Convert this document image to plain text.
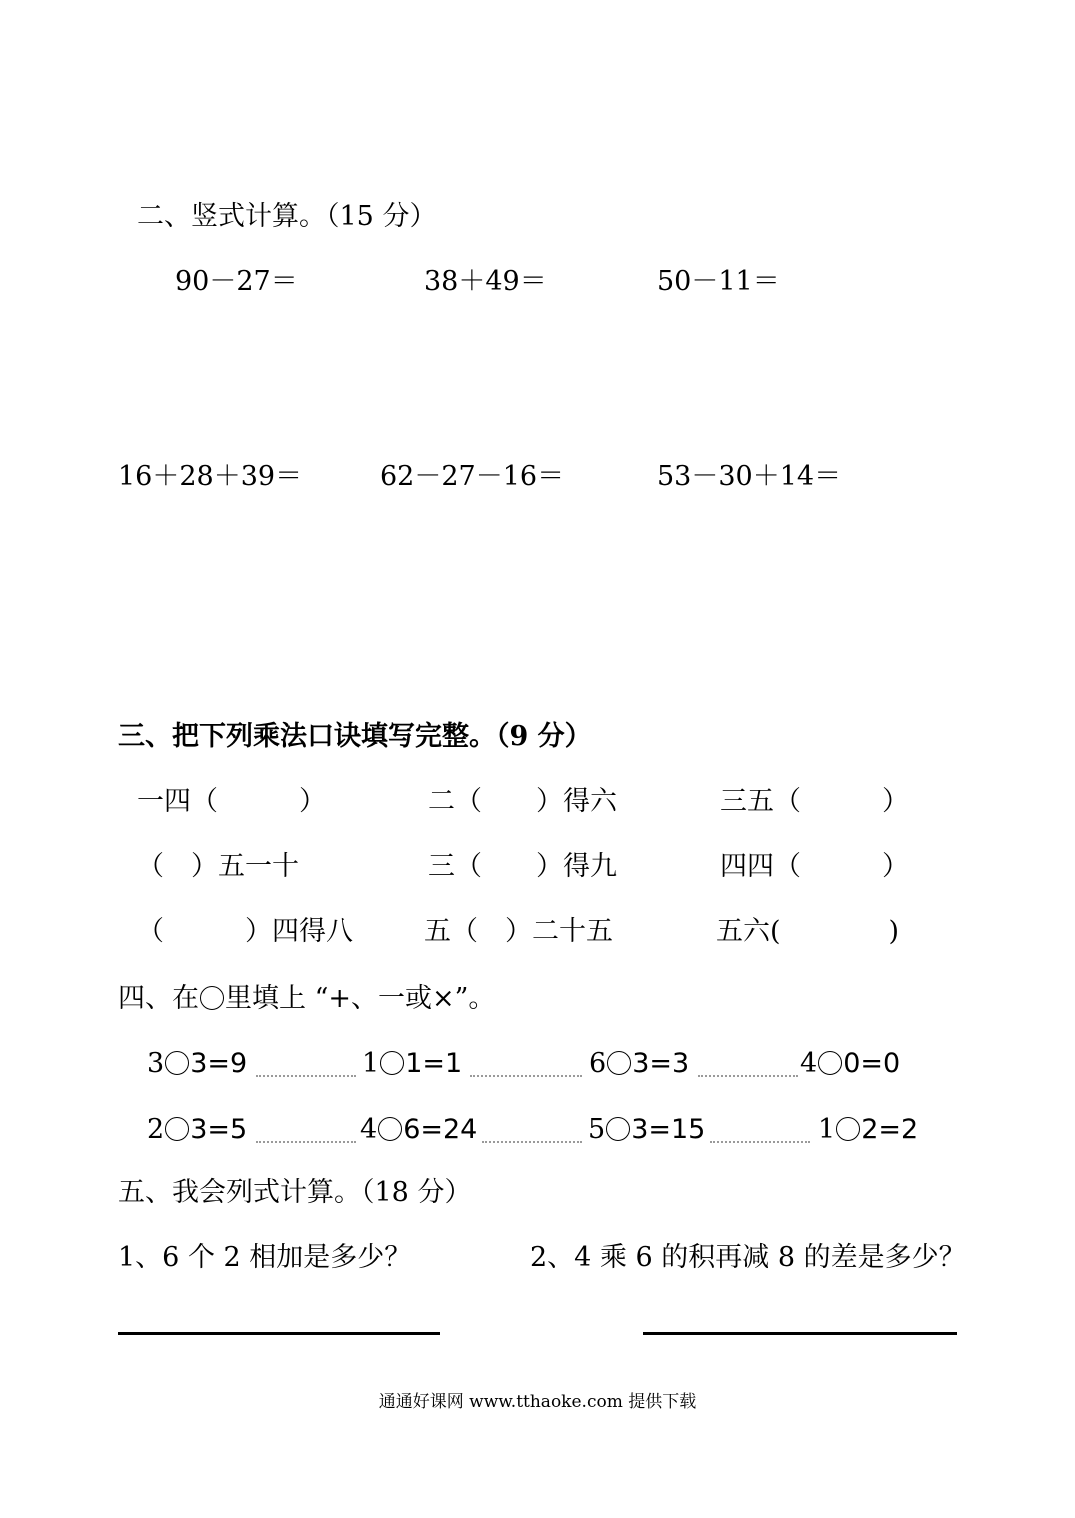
二、竖式计算。（15 分）
90－27＝	38＋49＝	50－11＝
16＋28＋39＝	62－27－16＝	53－30＋14＝
三、把下列乘法口诀填写完整。（9 分）
一四（　　　）	二（　　）得六	三五（　　　）
（　）五一十	三（　　）得九	四四（　　　）
（　　　）四得八	五（　）二十五	五六(　　　　)
四、在 里填上 “+、一或×”。
3 3=9	1 1=1	6 3=3	4 0=0
2 3=5	4 6=24	5 3=15	1 2=2
五、我会列式计算。（18 分）
1、6 个 2 相加是多少？	2、4 乘 6 的积再减 8 的差是多少？
通通好课网 www.tthaoke.com 提供下载
